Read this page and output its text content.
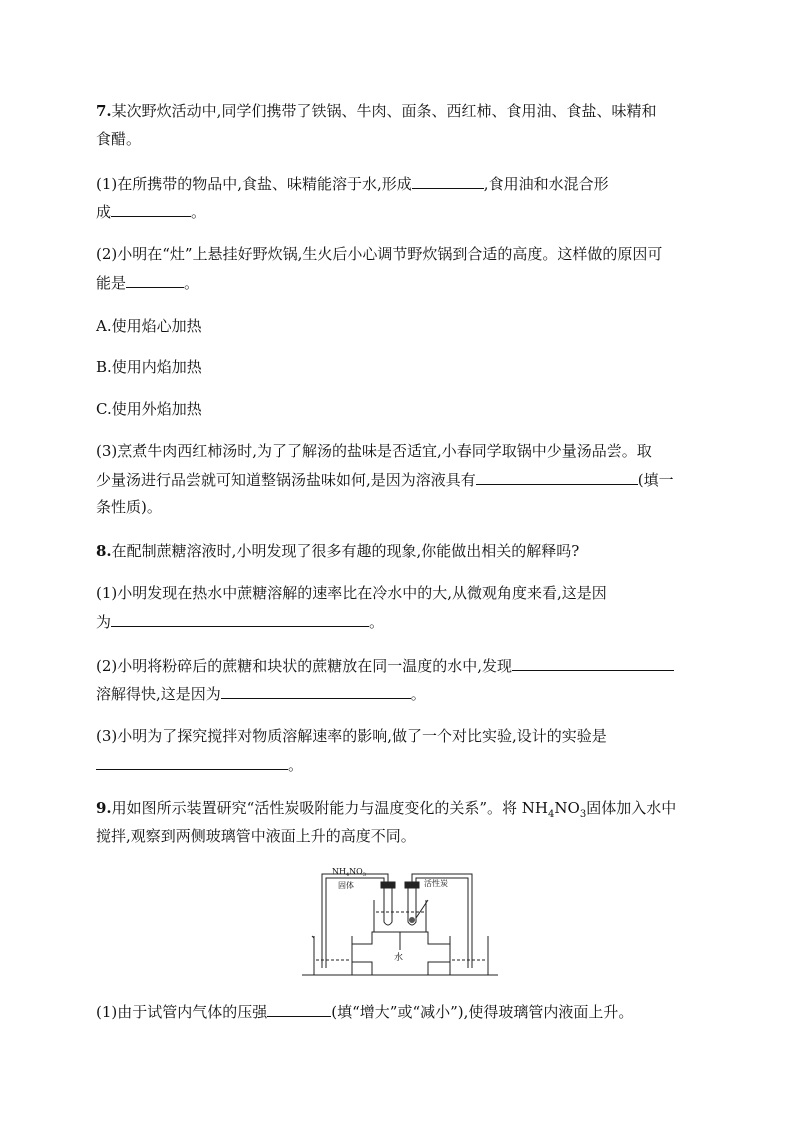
7.某次野炊活动中,同学们携带了铁锅、牛肉、面条、西红柿、食用油、食盐、味精和
食醋。
(1)在所携带的物品中,食盐、味精能溶于水,形成	,食用油和水混合形
成	。
(2)小明在“灶”上悬挂好野炊锅,生火后小心调节野炊锅到合适的高度。这样做的原因可
能是	。
A.使用焰心加热
B.使用内焰加热
C.使用外焰加热
(3)烹煮牛肉西红柿汤时,为了了解汤的盐味是否适宜,小春同学取锅中少量汤品尝。取
少量汤进行品尝就可知道整锅汤盐味如何,是因为溶液具有	(填一
条性质)。
8.在配制蔗糖溶液时,小明发现了很多有趣的现象,你能做出相关的解释吗?
(1)小明发现在热水中蔗糖溶解的速率比在冷水中的大,从微观角度来看,这是因
为	。
(2)小明将粉碎后的蔗糖和块状的蔗糖放在同一温度的水中,发现
溶解得快,这是因为	。
(3)小明为了探究搅拌对物质溶解速率的影响,做了一个对比实验,设计的实验是
。
9.用如图所示装置研究“活性炭吸附能力与温度变化的关系”。将 $NH_4NO_3$固体加入水中
搅拌,观察到两侧玻璃管中液面上升的高度不同。
$NH_4NO_3$
固体	活性炭
水
(1)由于试管内气体的压强	(填“增大”或“减小”),使得玻璃管内液面上升。
